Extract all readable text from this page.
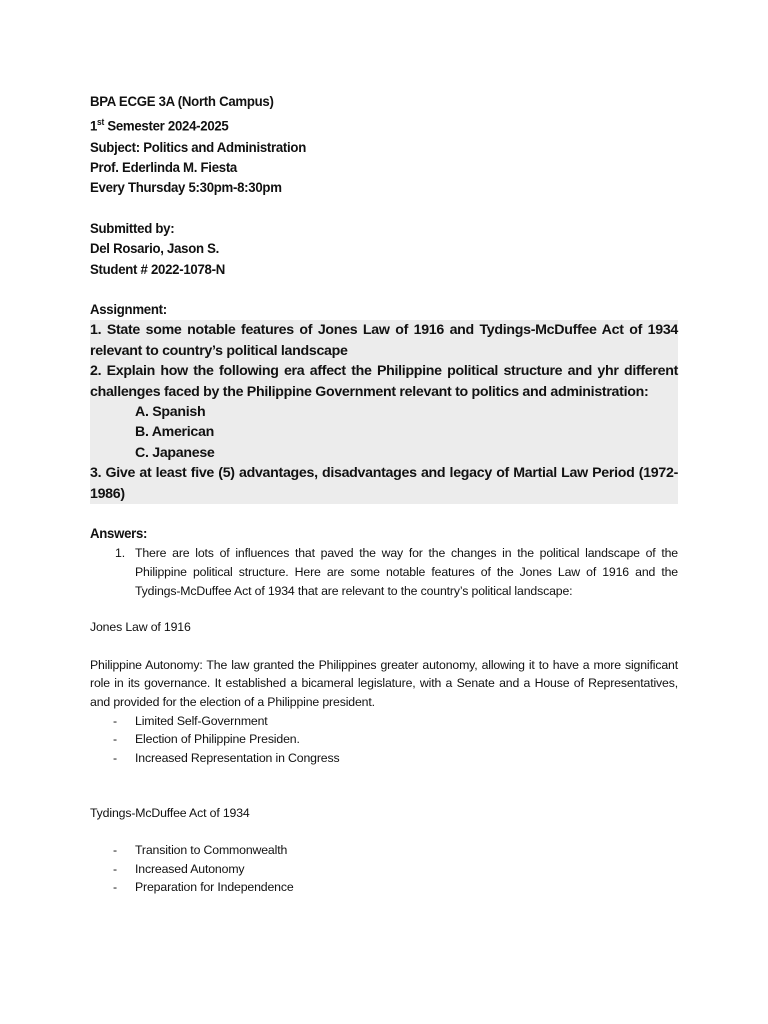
BPA ECGE 3A (North Campus)
1st Semester 2024-2025
Subject: Politics and Administration
Prof. Ederlinda M. Fiesta
Every Thursday 5:30pm-8:30pm
Submitted by:
Del Rosario, Jason S.
Student # 2022-1078-N
Assignment:
1. State some notable features of Jones Law of 1916 and Tydings-McDuffee Act of 1934 relevant to country’s political landscape
2. Explain how the following era affect the Philippine political structure and yhr different challenges faced by the Philippine Government relevant to politics and administration:
A. Spanish
B. American
C. Japanese
3. Give at least five (5) advantages, disadvantages and legacy of Martial Law Period (1972-1986)
Answers:
1. There are lots of influences that paved the way for the changes in the political landscape of the Philippine political structure. Here are some notable features of the Jones Law of 1916 and the Tydings-McDuffee Act of 1934 that are relevant to the country’s political landscape:
Jones Law of 1916
Philippine Autonomy: The law granted the Philippines greater autonomy, allowing it to have a more significant role in its governance. It established a bicameral legislature, with a Senate and a House of Representatives, and provided for the election of a Philippine president.
-	Limited Self-Government
-	Election of Philippine Presiden.
-	Increased Representation in Congress
Tydings-McDuffee Act of 1934
-	Transition to Commonwealth
-	Increased Autonomy
-	Preparation for Independence
